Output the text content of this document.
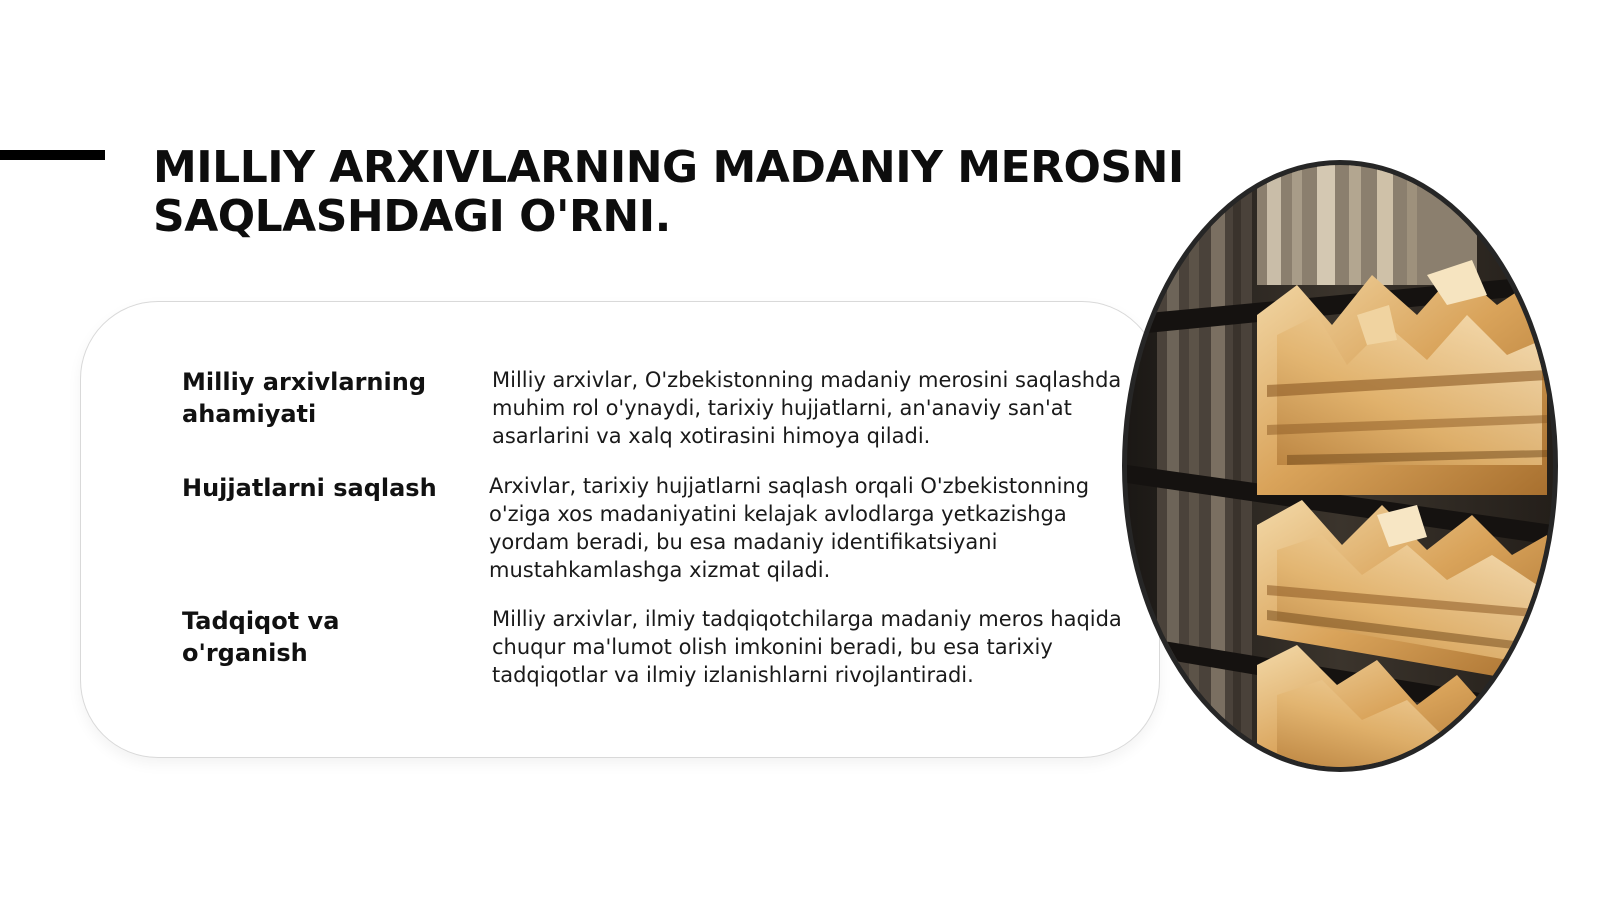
MILLIY ARXIVLARNING MADANIY MEROSNI
SAQLASHDAGI O'RNI.
Milliy arxivlarning ahamiyati
Milliy arxivlar, O'zbekistonning madaniy merosini saqlashda muhim rol o'ynaydi, tarixiy hujjatlarni, an'anaviy san'at asarlarini va xalq xotirasini himoya qiladi.
Hujjatlarni saqlash	Arxivlar, tarixiy hujjatlarni saqlash orqali O'zbekistonning o'ziga xos madaniyatini kelajak avlodlarga yetkazishga yordam beradi, bu esa madaniy identifikatsiyani mustahkamlashga xizmat qiladi.
Tadqiqot va o'rganish
Milliy arxivlar, ilmiy tadqiqotchilarga madaniy meros haqida chuqur ma'lumot olish imkonini beradi, bu esa tarixiy tadqiqotlar va ilmiy izlanishlarni rivojlantiradi.
